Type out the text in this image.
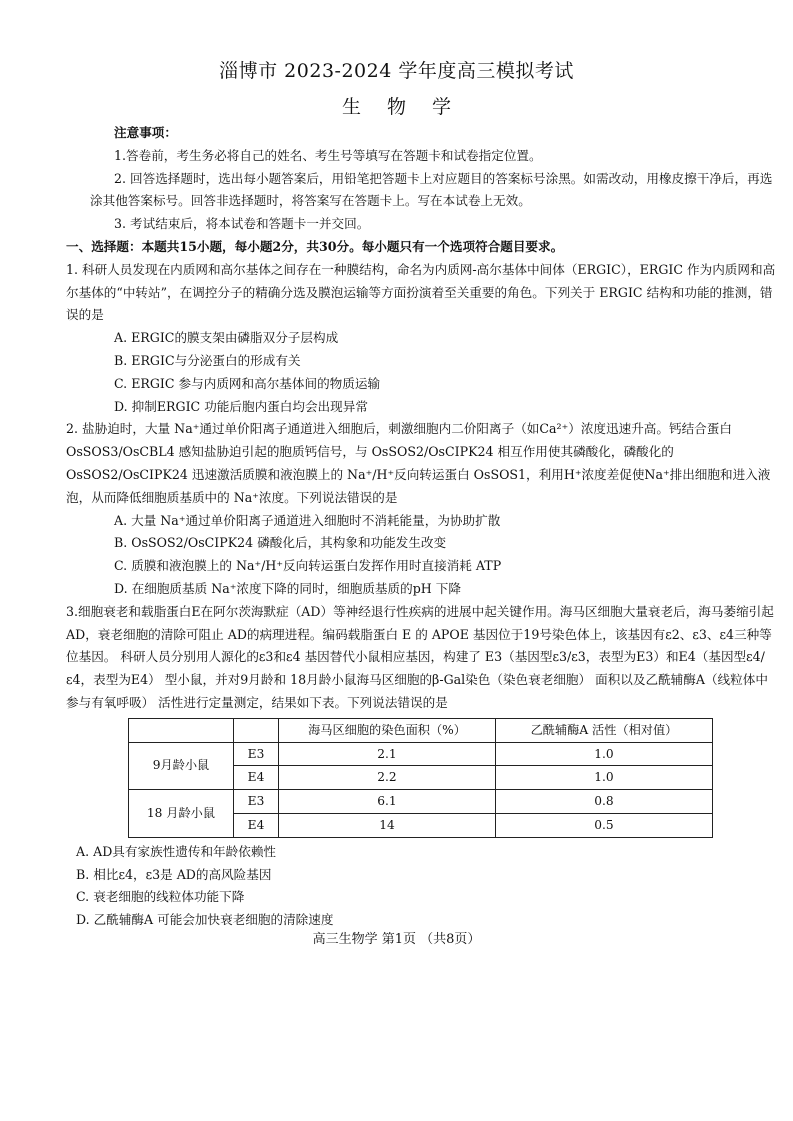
淄博市 2023-2024 学年度高三模拟考试
生物学

注意事项：

1.答卷前，考生务必将自己的姓名、考生号等填写在答题卡和试卷指定位置。

2. 回答选择题时，选出每小题答案后，用铅笔把答题卡上对应题目的答案标号涂黑。如需改动，用橡皮擦干净后，再选涂其他答案标号。回答非选择题时，将答案写在答题卡上。写在本试卷上无效。

3. 考试结束后，将本试卷和答题卡一并交回。

一、选择题：本题共15小题，每小题2分，共30分。每小题只有一个选项符合题目要求。

1. 科研人员发现在内质网和高尔基体之间存在一种膜结构，命名为内质网-高尔基体中间体（ERGIC），ERGIC 作为内质网和高尔基体的“中转站”，在调控分子的精确分选及膜泡运输等方面扮演着至关重要的角色。下列关于 ERGIC 结构和功能的推测，错误的是

A. ERGIC的膜支架由磷脂双分子层构成

B. ERGIC与分泌蛋白的形成有关

C. ERGIC 参与内质网和高尔基体间的物质运输

D. 抑制ERGIC 功能后胞内蛋白均会出现异常

2. 盐胁迫时，大量 Na⁺通过单价阳离子通道进入细胞后，刺激细胞内二价阳离子（如Ca²⁺）浓度迅速升高。钙结合蛋白 OsSOS3/OsCBL4 感知盐胁迫引起的胞质钙信号，与 OsSOS2/OsCIPK24 相互作用使其磷酸化，磷酸化的 OsSOS2/OsCIPK24 迅速激活质膜和液泡膜上的 Na⁺/H⁺反向转运蛋白 OsSOS1，利用H⁺浓度差促使Na⁺排出细胞和进入液泡，从而降低细胞质基质中的 Na⁺浓度。下列说法错误的是

A. 大量 Na⁺通过单价阳离子通道进入细胞时不消耗能量，为协助扩散

B. OsSOS2/OsCIPK24 磷酸化后，其构象和功能发生改变

C. 质膜和液泡膜上的 Na⁺/H⁺反向转运蛋白发挥作用时直接消耗 ATP

D. 在细胞质基质 Na⁺浓度下降的同时，细胞质基质的pH 下降

3.细胞衰老和载脂蛋白E在阿尔茨海默症（AD）等神经退行性疾病的进展中起关键作用。海马区细胞大量衰老后，海马萎缩引起 AD，衰老细胞的清除可阻止 AD的病理进程。编码载脂蛋白 E 的 APOE 基因位于19号染色体上，该基因有ε2、ε3、ε4三种等位基因。 科研人员分别用人源化的ε3和ε4 基因替代小鼠相应基因，构建了 E3（基因型ε3/ε3，表型为E3）和E4（基因型ε4/ε4，表型为E4） 型小鼠，并对9月龄和 18月龄小鼠海马区细胞的β-Gal染色（染色衰老细胞） 面积以及乙酰辅酶A（线粒体中参与有氧呼吸） 活性进行定量测定，结果如下表。下列说法错误的是

		海马区细胞的染色面积（%）	乙酰辅酶A 活性（相对值）
9月龄小鼠	E3	2.1	1.0
	E4	2.2	1.0
18 月龄小鼠	E3	6.1	0.8
	E4	14	0.5

A. AD具有家族性遗传和年龄依赖性

B. 相比ε4，ε3是 AD的高风险基因

C. 衰老细胞的线粒体功能下降

D. 乙酰辅酶A 可能会加快衰老细胞的清除速度

高三生物学 第1页 （共8页）
